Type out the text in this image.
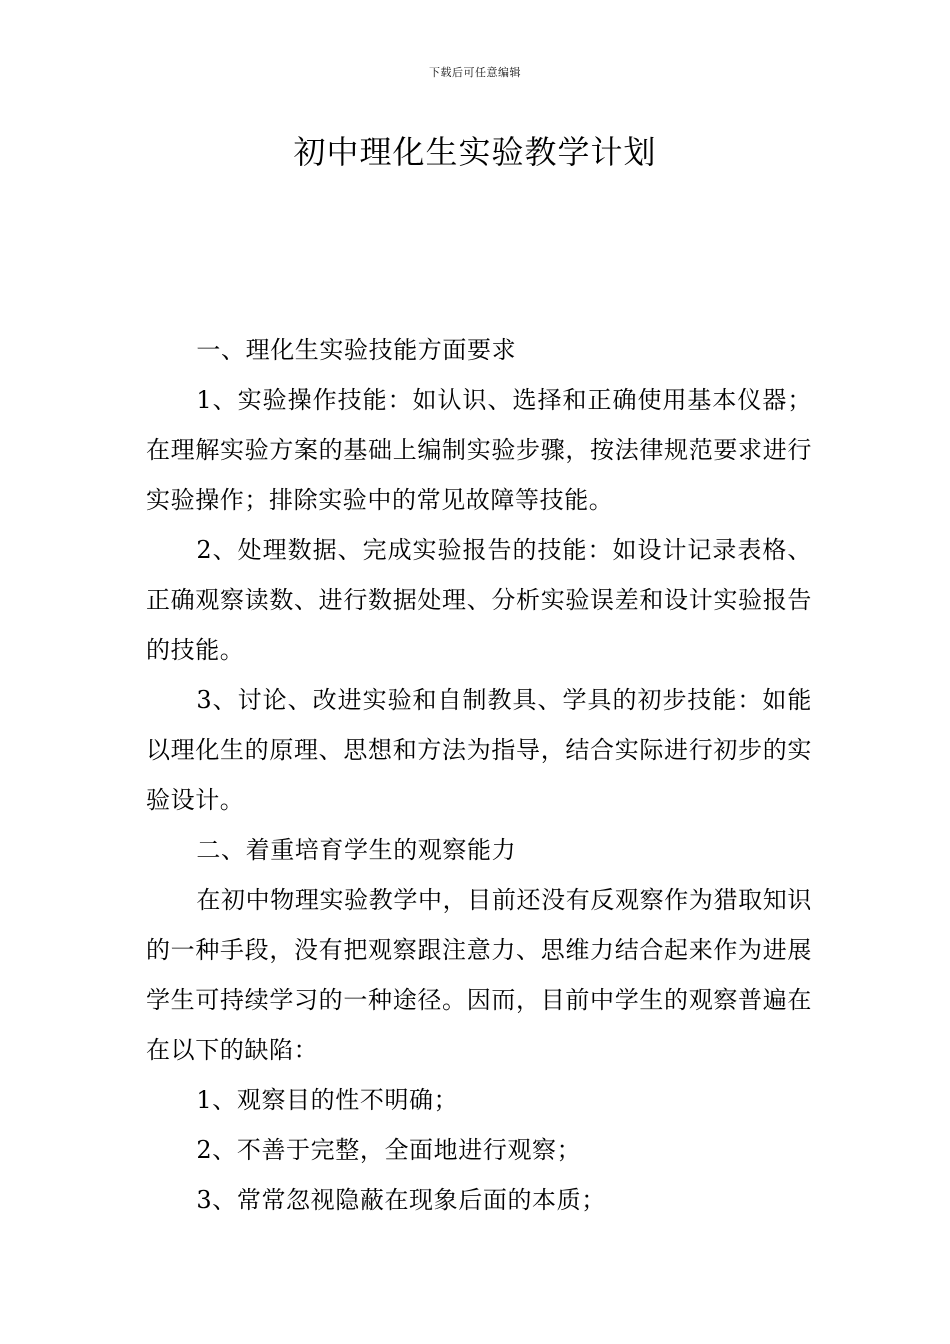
下载后可任意编辑
初中理化生实验教学计划

一、理化生实验技能方面要求

1、实验操作技能：如认识、选择和正确使用基本仪器；在理解实验方案的基础上编制实验步骤，按法律规范要求进行实验操作；排除实验中的常见故障等技能。

2、处理数据、完成实验报告的技能：如设计记录表格、正确观察读数、进行数据处理、分析实验误差和设计实验报告的技能。

3、讨论、改进实验和自制教具、学具的初步技能：如能以理化生的原理、思想和方法为指导，结合实际进行初步的实验设计。

二、着重培育学生的观察能力

在初中物理实验教学中，目前还没有反观察作为猎取知识的一种手段，没有把观察跟注意力、思维力结合起来作为进展学生可持续学习的一种途径。因而，目前中学生的观察普遍在在以下的缺陷：

1、观察目的性不明确；

2、不善于完整，全面地进行观察；

3、常常忽视隐蔽在现象后面的本质；
